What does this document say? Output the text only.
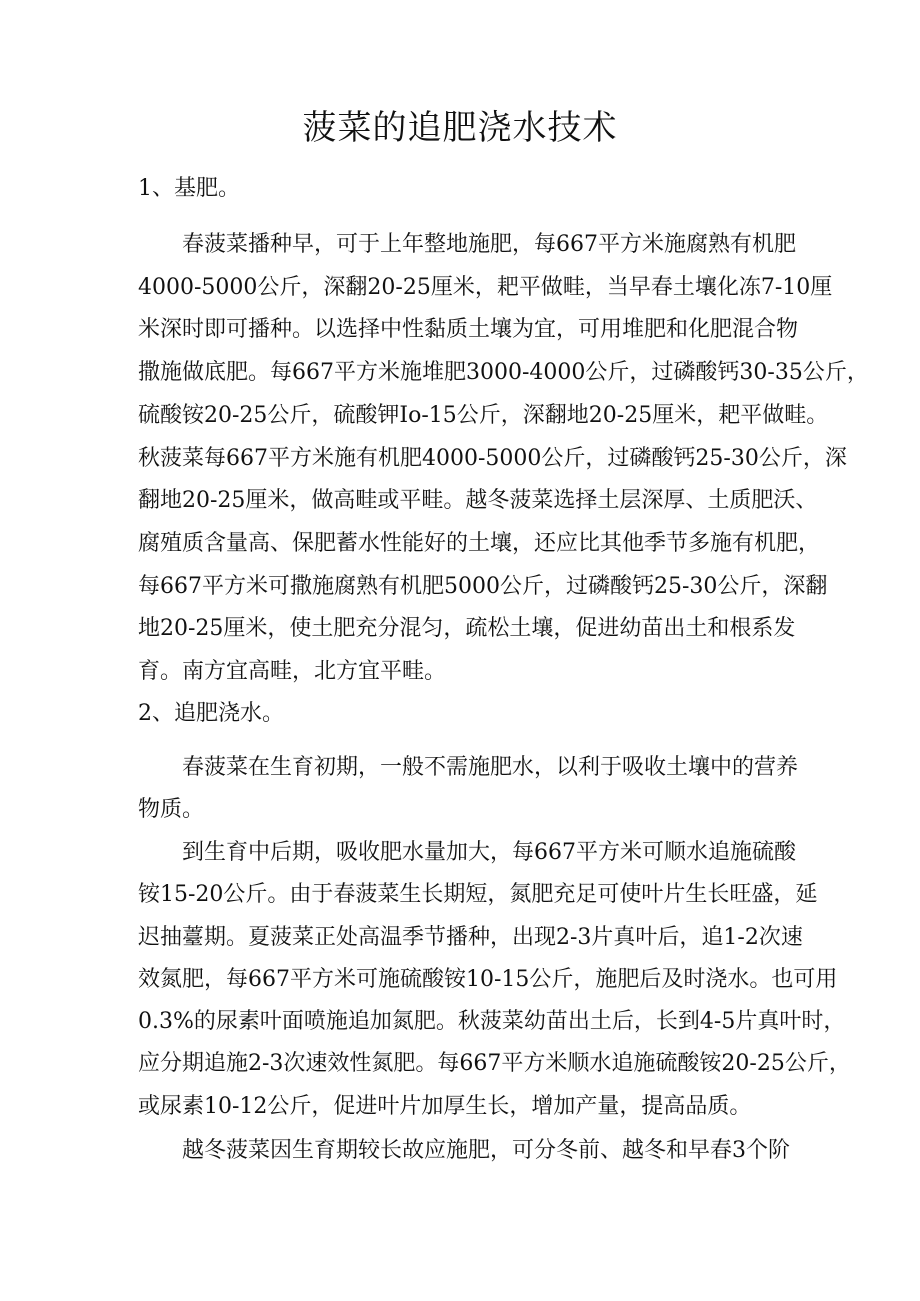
菠菜的追肥浇水技术
1、基肥。
春菠菜播种早，可于上年整地施肥，每667平方米施腐熟有机肥
4000-5000公斤，深翻20-25厘米，耙平做畦，当早春土壤化冻7-10厘
米深时即可播种。以选择中性黏质土壤为宜，可用堆肥和化肥混合物
撒施做底肥。每667平方米施堆肥3000-4000公斤，过磷酸钙30-35公斤，
硫酸铵20-25公斤，硫酸钾Io-15公斤，深翻地20-25厘米，耙平做畦。
秋菠菜每667平方米施有机肥4000-5000公斤，过磷酸钙25-30公斤，深
翻地20-25厘米，做高畦或平畦。越冬菠菜选择土层深厚、土质肥沃、
腐殖质含量高、保肥蓄水性能好的土壤，还应比其他季节多施有机肥，
每667平方米可撒施腐熟有机肥5000公斤，过磷酸钙25-30公斤，深翻
地20-25厘米，使土肥充分混匀，疏松土壤，促进幼苗出土和根系发
育。南方宜高畦，北方宜平畦。
2、追肥浇水。
春菠菜在生育初期，一般不需施肥水，以利于吸收土壤中的营养
物质。
到生育中后期，吸收肥水量加大，每667平方米可顺水追施硫酸
铵15-20公斤。由于春菠菜生长期短，氮肥充足可使叶片生长旺盛，延
迟抽薹期。夏菠菜正处高温季节播种，出现2-3片真叶后，追1-2次速
效氮肥，每667平方米可施硫酸铵10-15公斤，施肥后及时浇水。也可用
0.3%的尿素叶面喷施追加氮肥。秋菠菜幼苗出土后，长到4-5片真叶时，
应分期追施2-3次速效性氮肥。每667平方米顺水追施硫酸铵20-25公斤，
或尿素10-12公斤，促进叶片加厚生长，增加产量，提高品质。
越冬菠菜因生育期较长故应施肥，可分冬前、越冬和早春3个阶
